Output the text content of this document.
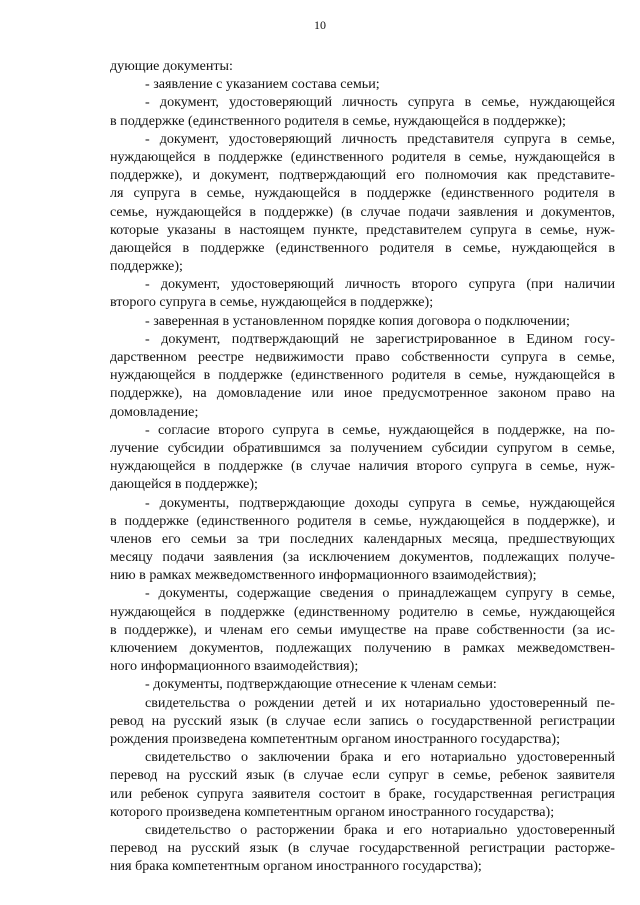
10
дующие документы:
- заявление с указанием состава семьи;
- документ, удостоверяющий личность супруга в семье, нуждающейся
в поддержке (единственного родителя в семье, нуждающейся в поддержке);
- документ, удостоверяющий личность представителя супруга в семье,
нуждающейся в поддержке (единственного родителя в семье, нуждающейся в
поддержке), и документ, подтверждающий его полномочия как представите-
ля супруга в семье, нуждающейся в поддержке (единственного родителя в
семье, нуждающейся в поддержке) (в случае подачи заявления и документов,
которые указаны в настоящем пункте, представителем супруга в семье, нуж-
дающейся в поддержке (единственного родителя в семье, нуждающейся в
поддержке);
- документ, удостоверяющий личность второго супруга (при наличии
второго супруга в семье, нуждающейся в поддержке);
- заверенная в установленном порядке копия договора о подключении;
- документ, подтверждающий не зарегистрированное в Едином госу-
дарственном реестре недвижимости право собственности супруга в семье,
нуждающейся в поддержке (единственного родителя в семье, нуждающейся в
поддержке), на домовладение или иное предусмотренное законом право на
домовладение;
- согласие второго супруга в семье, нуждающейся в поддержке, на по-
лучение субсидии обратившимся за получением субсидии супругом в семье,
нуждающейся в поддержке (в случае наличия второго супруга в семье, нуж-
дающейся в поддержке);
- документы, подтверждающие доходы супруга в семье, нуждающейся
в поддержке (единственного родителя в семье, нуждающейся в поддержке), и
членов его семьи за три последних календарных месяца, предшествующих
месяцу подачи заявления (за исключением документов, подлежащих получе-
нию в рамках межведомственного информационного взаимодействия);
- документы, содержащие сведения о принадлежащем супругу в семье,
нуждающейся в поддержке (единственному родителю в семье, нуждающейся
в поддержке), и членам его семьи имуществе на праве собственности (за ис-
ключением документов, подлежащих получению в рамках межведомствен-
ного информационного взаимодействия);
- документы, подтверждающие отнесение к членам семьи:
свидетельства о рождении детей и их нотариально удостоверенный пе-
ревод на русский язык (в случае если запись о государственной регистрации
рождения произведена компетентным органом иностранного государства);
свидетельство о заключении брака и его нотариально удостоверенный
перевод на русский язык (в случае если супруг в семье, ребенок заявителя
или ребенок супруга заявителя состоит в браке, государственная регистрация
которого произведена компетентным органом иностранного государства);
свидетельство о расторжении брака и его нотариально удостоверенный
перевод на русский язык (в случае государственной регистрации расторже-
ния брака компетентным органом иностранного государства);
